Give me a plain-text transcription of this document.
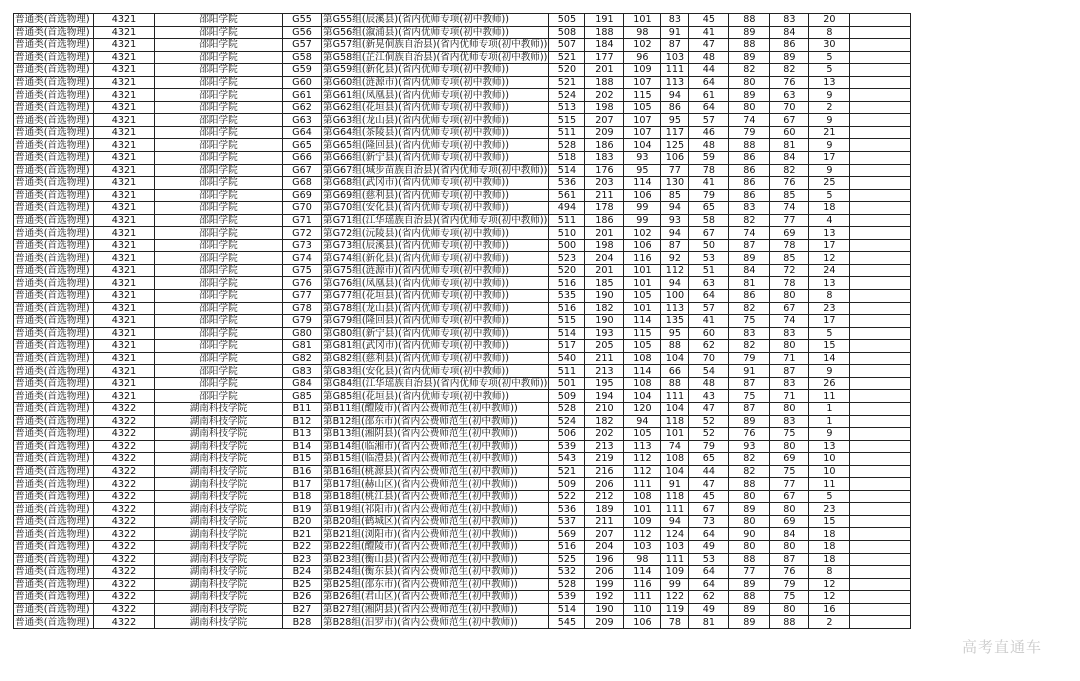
普通类(首选物理)	4321	邵阳学院	G55	第G55组(辰溪县)(省内优师专项(初中教师))	505	191	101	83	45	88	83	20	
普通类(首选物理)	4321	邵阳学院	G56	第G56组(溆浦县)(省内优师专项(初中教师))	508	188	98	91	41	89	84	8	
普通类(首选物理)	4321	邵阳学院	G57	第G57组(新晃侗族自治县)(省内优师专项(初中教师))	507	184	102	87	47	88	86	30	
普通类(首选物理)	4321	邵阳学院	G58	第G58组(芷江侗族自治县)(省内优师专项(初中教师))	521	177	96	103	48	89	89	5	
普通类(首选物理)	4321	邵阳学院	G59	第G59组(新化县)(省内优师专项(初中教师))	520	201	109	111	44	82	82	5	
普通类(首选物理)	4321	邵阳学院	G60	第G60组(涟源市)(省内优师专项(初中教师))	521	188	107	113	64	80	76	13	
普通类(首选物理)	4321	邵阳学院	G61	第G61组(凤凰县)(省内优师专项(初中教师))	524	202	115	94	61	89	63	9	
普通类(首选物理)	4321	邵阳学院	G62	第G62组(花垣县)(省内优师专项(初中教师))	513	198	105	86	64	80	70	2	
普通类(首选物理)	4321	邵阳学院	G63	第G63组(龙山县)(省内优师专项(初中教师))	515	207	107	95	57	74	67	9	
普通类(首选物理)	4321	邵阳学院	G64	第G64组(茶陵县)(省内优师专项(初中教师))	511	209	107	117	46	79	60	21	
普通类(首选物理)	4321	邵阳学院	G65	第G65组(隆回县)(省内优师专项(初中教师))	528	186	104	125	48	88	81	9	
普通类(首选物理)	4321	邵阳学院	G66	第G66组(新宁县)(省内优师专项(初中教师))	518	183	93	106	59	86	84	17	
普通类(首选物理)	4321	邵阳学院	G67	第G67组(城步苗族自治县)(省内优师专项(初中教师))	514	176	95	77	78	86	82	9	
普通类(首选物理)	4321	邵阳学院	G68	第G68组(武冈市)(省内优师专项(初中教师))	536	203	114	130	41	86	76	25	
普通类(首选物理)	4321	邵阳学院	G69	第G69组(慈利县)(省内优师专项(初中教师))	561	211	106	85	79	86	85	5	
普通类(首选物理)	4321	邵阳学院	G70	第G70组(安化县)(省内优师专项(初中教师))	494	178	99	94	65	83	74	18	
普通类(首选物理)	4321	邵阳学院	G71	第G71组(江华瑶族自治县)(省内优师专项(初中教师))	511	186	99	93	58	82	77	4	
普通类(首选物理)	4321	邵阳学院	G72	第G72组(沅陵县)(省内优师专项(初中教师))	510	201	102	94	67	74	69	13	
普通类(首选物理)	4321	邵阳学院	G73	第G73组(辰溪县)(省内优师专项(初中教师))	500	198	106	87	50	87	78	17	
普通类(首选物理)	4321	邵阳学院	G74	第G74组(新化县)(省内优师专项(初中教师))	523	204	116	92	53	89	85	12	
普通类(首选物理)	4321	邵阳学院	G75	第G75组(涟源市)(省内优师专项(初中教师))	520	201	101	112	51	84	72	24	
普通类(首选物理)	4321	邵阳学院	G76	第G76组(凤凰县)(省内优师专项(初中教师))	516	185	101	94	63	81	78	13	
普通类(首选物理)	4321	邵阳学院	G77	第G77组(花垣县)(省内优师专项(初中教师))	535	190	105	100	64	86	80	8	
普通类(首选物理)	4321	邵阳学院	G78	第G78组(龙山县)(省内优师专项(初中教师))	516	182	101	113	57	82	67	23	
普通类(首选物理)	4321	邵阳学院	G79	第G79组(隆回县)(省内优师专项(初中教师))	515	190	114	135	41	75	74	17	
普通类(首选物理)	4321	邵阳学院	G80	第G80组(新宁县)(省内优师专项(初中教师))	514	193	115	95	60	83	83	5	
普通类(首选物理)	4321	邵阳学院	G81	第G81组(武冈市)(省内优师专项(初中教师))	517	205	105	88	62	82	80	15	
普通类(首选物理)	4321	邵阳学院	G82	第G82组(慈利县)(省内优师专项(初中教师))	540	211	108	104	70	79	71	14	
普通类(首选物理)	4321	邵阳学院	G83	第G83组(安化县)(省内优师专项(初中教师))	511	213	114	66	54	91	87	9	
普通类(首选物理)	4321	邵阳学院	G84	第G84组(江华瑶族自治县)(省内优师专项(初中教师))	501	195	108	88	48	87	83	26	
普通类(首选物理)	4321	邵阳学院	G85	第G85组(花垣县)(省内优师专项(初中教师))	509	194	104	111	43	75	71	11	
普通类(首选物理)	4322	湖南科技学院	B11	第B11组(醴陵市)(省内公费师范生(初中教师))	528	210	120	104	47	87	80	1	
普通类(首选物理)	4322	湖南科技学院	B12	第B12组(邵东市)(省内公费师范生(初中教师))	524	182	94	118	52	89	83	1	
普通类(首选物理)	4322	湖南科技学院	B13	第B13组(湘阴县)(省内公费师范生(初中教师))	506	202	105	101	52	76	75	9	
普通类(首选物理)	4322	湖南科技学院	B14	第B14组(临湘市)(省内公费师范生(初中教师))	539	213	113	74	79	93	80	13	
普通类(首选物理)	4322	湖南科技学院	B15	第B15组(临澧县)(省内公费师范生(初中教师))	543	219	112	108	65	82	69	10	
普通类(首选物理)	4322	湖南科技学院	B16	第B16组(桃源县)(省内公费师范生(初中教师))	521	216	112	104	44	82	75	10	
普通类(首选物理)	4322	湖南科技学院	B17	第B17组(赫山区)(省内公费师范生(初中教师))	509	206	111	91	47	88	77	11	
普通类(首选物理)	4322	湖南科技学院	B18	第B18组(桃江县)(省内公费师范生(初中教师))	522	212	108	118	45	80	67	5	
普通类(首选物理)	4322	湖南科技学院	B19	第B19组(祁阳市)(省内公费师范生(初中教师))	536	189	101	111	67	89	80	23	
普通类(首选物理)	4322	湖南科技学院	B20	第B20组(鹤城区)(省内公费师范生(初中教师))	537	211	109	94	73	80	69	15	
普通类(首选物理)	4322	湖南科技学院	B21	第B21组(浏阳市)(省内公费师范生(初中教师))	569	207	112	124	64	90	84	18	
普通类(首选物理)	4322	湖南科技学院	B22	第B22组(醴陵市)(省内公费师范生(初中教师))	516	204	103	103	49	80	80	18	
普通类(首选物理)	4322	湖南科技学院	B23	第B23组(衡山县)(省内公费师范生(初中教师))	525	196	98	111	53	88	87	18	
普通类(首选物理)	4322	湖南科技学院	B24	第B24组(衡东县)(省内公费师范生(初中教师))	532	206	114	109	64	77	76	8	
普通类(首选物理)	4322	湖南科技学院	B25	第B25组(邵东市)(省内公费师范生(初中教师))	528	199	116	99	64	89	79	12	
普通类(首选物理)	4322	湖南科技学院	B26	第B26组(君山区)(省内公费师范生(初中教师))	539	192	111	122	62	88	75	12	
普通类(首选物理)	4322	湖南科技学院	B27	第B27组(湘阴县)(省内公费师范生(初中教师))	514	190	110	119	49	89	80	16	
普通类(首选物理)	4322	湖南科技学院	B28	第B28组(汨罗市)(省内公费师范生(初中教师))	545	209	106	78	81	89	88	2	
高考直通车
